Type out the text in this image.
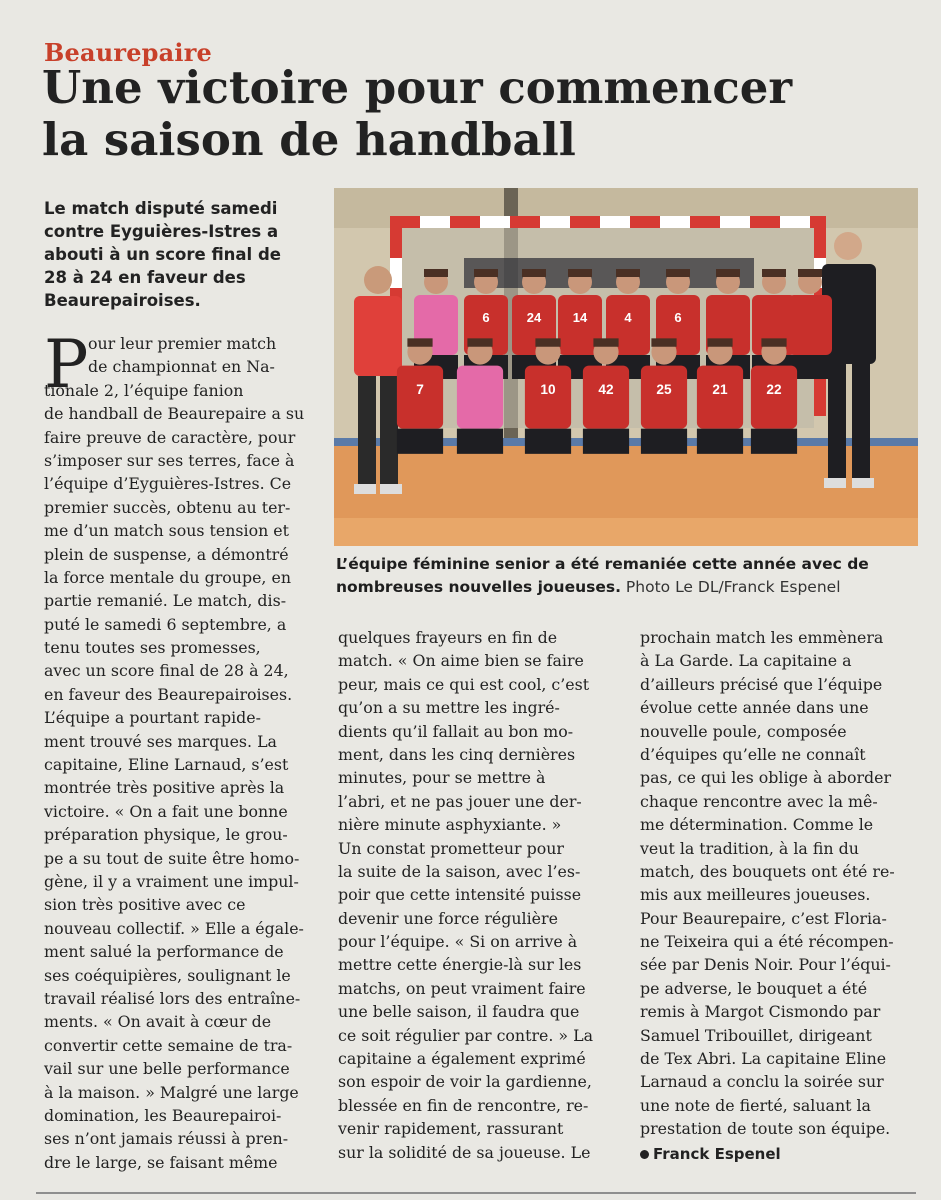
Beaurepaire
Une victoire pour commencer
la saison de handball
Le match disputé samedi
contre Eyguières-Istres a
abouti à un score final de
28 à 24 en faveur des
Beaurepairoises.
6	24 14	4	6
7	10	42	25	21	22
L’équipe féminine senior a été remaniée cette année avec de
nombreuses nouvelles joueuses. Photo Le DL/Franck Espenel
P our leur premier match
de championnat en Na-
tionale 2, l’équipe fanion
de handball de Beaurepaire a su
faire preuve de caractère, pour
s’imposer sur ses terres, face à
l’équipe d’Eyguières-Istres. Ce
premier succès, obtenu au ter-
me d’un match sous tension et
plein de suspense, a démontré
la force mentale du groupe, en
partie remanié. Le match, dis-
puté le samedi 6 septembre, a
tenu toutes ses promesses,
avec un score final de 28 à 24,
en faveur des Beaurepairoises.
L’équipe a pourtant rapide-
ment trouvé ses marques. La
capitaine, Eline Larnaud, s’est
montrée très positive après la
victoire. « On a fait une bonne
préparation physique, le grou-
pe a su tout de suite être homo-
gène, il y a vraiment une impul-
sion très positive avec ce
nouveau collectif. » Elle a égale-
ment salué la performance de
ses coéquipières, soulignant le
travail réalisé lors des entraîne-
ments. « On avait à cœur de
convertir cette semaine de tra-
vail sur une belle performance
à la maison. » Malgré une large
domination, les Beaurepairoi-
ses n’ont jamais réussi à pren-
dre le large, se faisant même
quelques frayeurs en fin de
match. « On aime bien se faire
peur, mais ce qui est cool, c’est
qu’on a su mettre les ingré-
dients qu’il fallait au bon mo-
ment, dans les cinq dernières
minutes, pour se mettre à
l’abri, et ne pas jouer une der-
nière minute asphyxiante. »
Un constat prometteur pour
la suite de la saison, avec l’es-
poir que cette intensité puisse
devenir une force régulière
pour l’équipe. « Si on arrive à
mettre cette énergie-là sur les
matchs, on peut vraiment faire
une belle saison, il faudra que
ce soit régulier par contre. » La
capitaine a également exprimé
son espoir de voir la gardienne,
blessée en fin de rencontre, re-
venir rapidement, rassurant
sur la solidité de sa joueuse. Le
prochain match les emmènera
à La Garde. La capitaine a
d’ailleurs précisé que l’équipe
évolue cette année dans une
nouvelle poule, composée
d’équipes qu’elle ne connaît
pas, ce qui les oblige à aborder
chaque rencontre avec la mê-
me détermination. Comme le
veut la tradition, à la fin du
match, des bouquets ont été re-
mis aux meilleures joueuses.
Pour Beaurepaire, c’est Floria-
ne Teixeira qui a été récompen-
sée par Denis Noir. Pour l’équi-
pe adverse, le bouquet a été
remis à Margot Cismondo par
Samuel Tribouillet, dirigeant
de Tex Abri. La capitaine Eline
Larnaud a conclu la soirée sur
une note de fierté, saluant la
prestation de toute son équipe.
Franck Espenel
